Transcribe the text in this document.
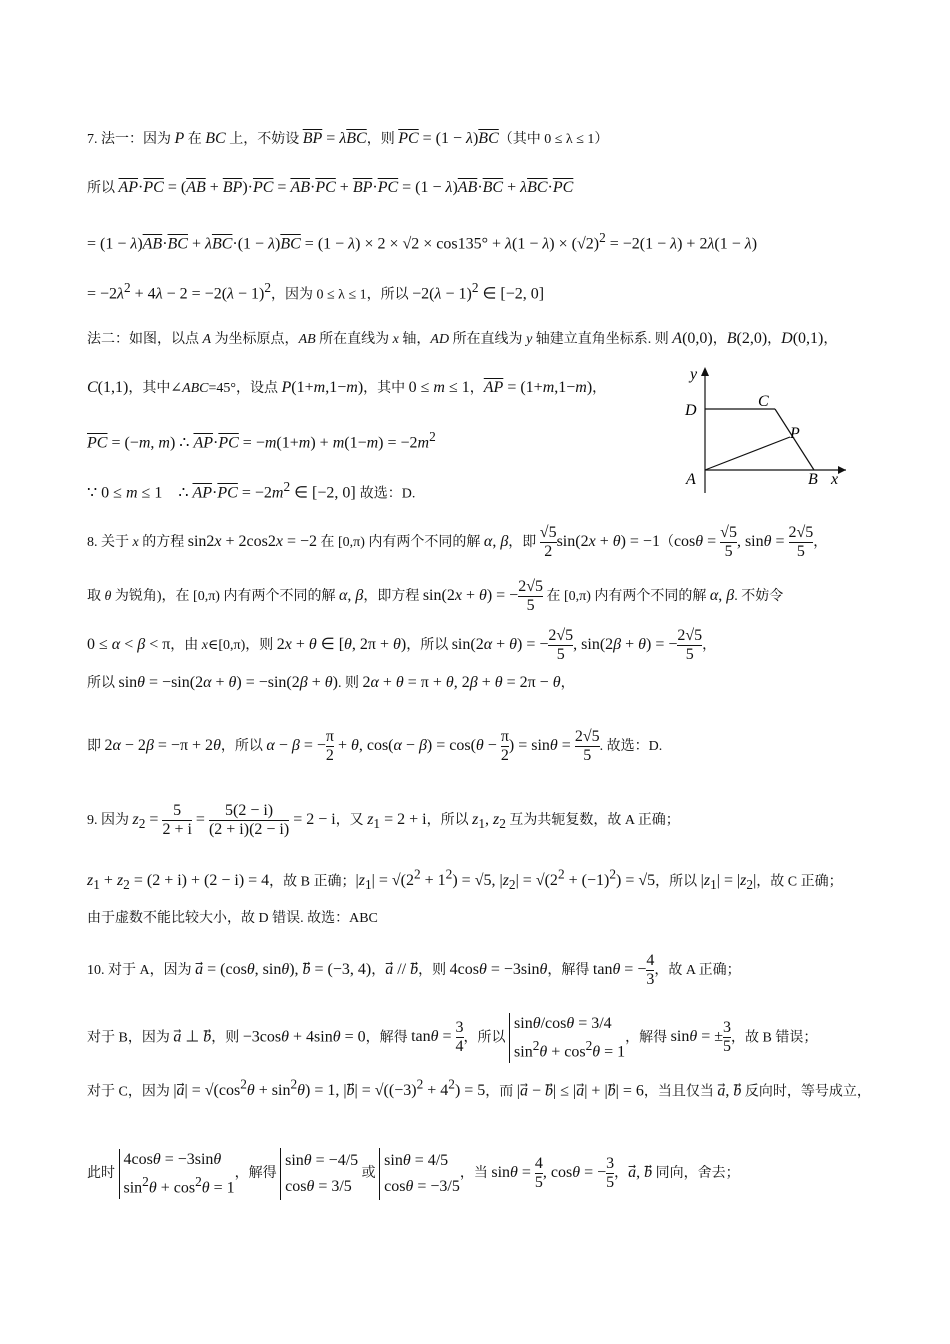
7. 法一：因为 P 在 BC 上，不妨设 $\overline{BP} = \lambda\overline{BC}$，则 $\overline{PC} = (1 - \lambda)\overline{BC}$（其中 0 ≤ λ ≤ 1）
所以 $\overline{AP}\cdot\overline{PC} = (\overline{AB} + \overline{BP})\cdot\overline{PC} = \overline{AB}\cdot\overline{PC} + \overline{BP}\cdot\overline{PC} = (1 - \lambda)\overline{AB}\cdot\overline{BC} + \lambda\overline{BC}\cdot\overline{PC}$
= $(1 - \lambda)\overline{AB}\cdot\overline{BC} + \lambda\overline{BC}\cdot(1 - \lambda)\overline{BC} = (1 - \lambda) \times 2 \times √2 \times \cos 135^\circ + \lambda(1 - \lambda) \times (√2)^2 = -2(1 - \lambda) + 2\lambda(1 - \lambda)$
= $-2\lambda^2 + 4\lambda - 2 = -2(\lambda - 1)^2$，因为 0 ≤ λ ≤ 1，所以 $-2(\lambda - 1)^2$ ∈ [−2, 0]
法二：如图，以点 A 为坐标原点，AB 所在直线为 x 轴，AD 所在直线为 y 轴建立直角坐标系. 则 A(0,0)，B(2,0)，D(0,1)，
C(1,1)，其中∠ABC=45°，设点 P(1+m,1−m)，其中 0 ≤ m ≤ 1，$\overline{AP} = (1+m,1-m)$，
$\overline{PC} = (-m$, m) ∴ $\overline{AP}\cdot\overline{PC} = -m(1+m) + m(1-m) = -2m^2$
∵ 0 ≤ m ≤ 1    ∴ $\overline{AP}\cdot\overline{PC} = -2m^2$ ∈ [−2, 0] 故选：D.
y
D
C
P
A	B x
8. 关于 x 的方程 sin2x + 2cos2x = −2 在 [0,π) 内有两个不同的解 α, β，即 $\frac{√5}{2} \sin(2x + \theta) = -1(\cos\theta = \frac{√5}{5}$ , $\sin\theta = \frac{2√5}{5}$ ，
取 θ 为锐角)，在 [0,π) 内有两个不同的解 α, β，即方程 sin(2x + θ) = − $\frac{2√5}{5}$ 在 [0,π) 内有两个不同的解 α, β. 不妨令
0 ≤ α < β < π，由 x∈[0,π)，则 2x + θ ∈ [θ, 2π + θ)，所以 sin(2α + θ) = − $\frac{2√5}{5}$ , sin(2β + θ) = − $\frac{2√5}{5}$ ，
所以 sinθ = −sin(2α + θ) = −sin(2β + θ). 则 2α + θ = π + θ, 2β + θ = 2π − θ，
即 2α − 2β = −π + 2θ，所以 α − β = − $\frac{\pi}{2} + \theta$, $\cos(\alpha - \beta) = \cos(\theta - \frac{\pi}{2}$ ) = $\sin\theta = \frac{2√5}{5}$ . 故选：D.
9. 因为 $z_2 = \frac{5}{2 + i} = \frac{5(2 - i)}{(2 + i)(2 - i)} = 2 - i$，又 $z_1 = 2 + i$，所以 $z_1$, $z_2$ 互为共轭复数，故 A 正确；
$z_1 + z_2 = (2 + i) + (2 - i) = 4$，故 B 正确；$|z_1| = √(2^2 + 1^2) = √5$, $|z_2| = √(2^2 + (-1)^2) = √5$，所以 $|z_1| = |z_2|$，故 C 正确；
由于虚数不能比较大小，故 D 错误. 故选：ABC
10. 对于 A，因为 a⃗ = (cosθ, sinθ), b⃗ = (−3, 4)，a⃗ // b，则 4cosθ = −3sinθ，解得 tanθ = − $\frac{4}{3}$ ，故 A 正确；
对于 B，因为 a⃗ ⊥ b，则 −3cosθ + 4sinθ = 0，解得 $\tan\theta = \frac{3}{4}$ ，所以
sinθ/cosθ = 3/4
$\sin^2\theta + \cos^2\theta = 1$
，解得 sinθ = ± $\frac{3}{5}$ ，故 B 错误；
对于 C，因为 |a⃗| = $√(\cos^2\theta + \sin^2\theta) = 1$, |b⃗| = $√((-3)^2 + 4^2) = 5$，而 |a⃗ − b⃗| ≤ |a⃗| + |b⃗| = 6，当且仅当 a⃗, b 反向时，等号成立，
此时
4cosθ = −3sinθ
$\sin^2\theta + \cos^2\theta = 1$
，解得
sinθ = −4/5
cosθ = 3/5
或
sinθ = 4/5
cosθ = −3/5
，当 $\sin\theta = \frac{4}{5}$ , cosθ = − $\frac{3}{5}$ ，a⃗, b 同向，舍去；
